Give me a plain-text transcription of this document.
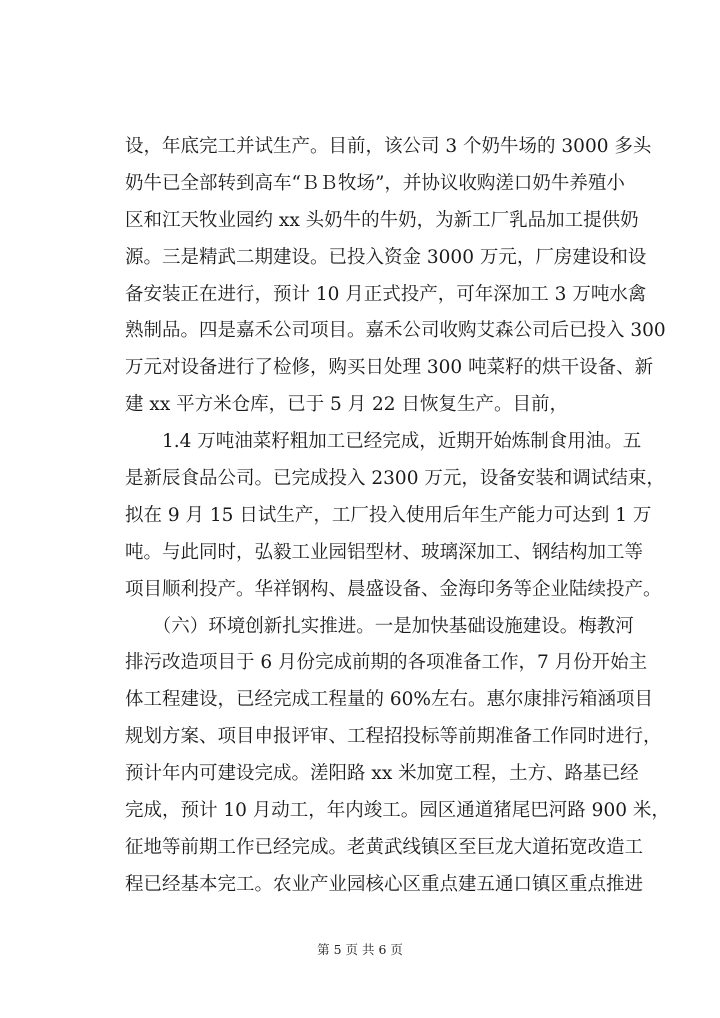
设，年底完工并试生产。目前，该公司 3 个奶牛场的 3000 多头
奶牛已全部转到高车“ＢＢ牧场”，并协议收购溠口奶牛养殖小
区和江天牧业园约 xx 头奶牛的牛奶，为新工厂乳品加工提供奶
源。三是精武二期建设。已投入资金 3000 万元，厂房建设和设
备安装正在进行，预计 10 月正式投产，可年深加工 3 万吨水禽
熟制品。四是嘉禾公司项目。嘉禾公司收购艾森公司后已投入 300
万元对设备进行了检修，购买日处理 300 吨菜籽的烘干设备、新
建 xx 平方米仓库，已于 5 月 22 日恢复生产。目前，
　　1.4 万吨油菜籽粗加工已经完成，近期开始炼制食用油。五
是新辰食品公司。已完成投入 2300 万元，设备安装和调试结束，
拟在 9 月 15 日试生产，工厂投入使用后年生产能力可达到 1 万
吨。与此同时，弘毅工业园铝型材、玻璃深加工、钢结构加工等
项目顺利投产。华祥钢构、晨盛设备、金海印务等企业陆续投产。
　　（六）环境创新扎实推进。一是加快基础设施建设。梅教河
排污改造项目于 6 月份完成前期的各项准备工作，7 月份开始主
体工程建设，已经完成工程量的 60%左右。惠尔康排污箱涵项目
规划方案、项目申报评审、工程招投标等前期准备工作同时进行，
预计年内可建设完成。溠阳路 xx 米加宽工程，土方、路基已经
完成，预计 10 月动工，年内竣工。园区通道猪尾巴河路 900 米，
征地等前期工作已经完成。老黄武线镇区至巨龙大道拓宽改造工
程已经基本完工。农业产业园核心区重点建五通口镇区重点推进
第 5 页 共 6 页
